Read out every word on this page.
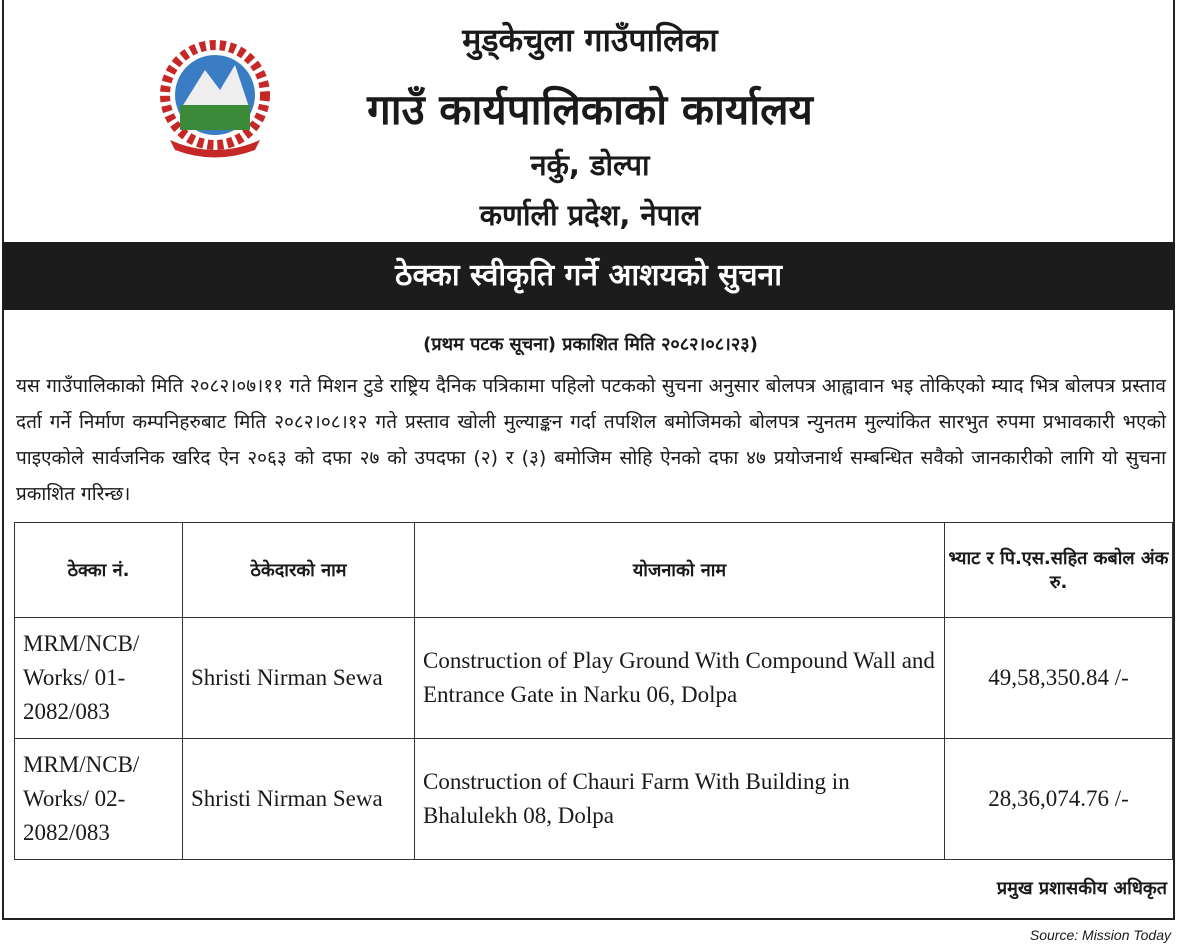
मुड्केचुला गाउँपालिका
गाउँ कार्यपालिकाको कार्यालय
नर्कु, डोल्पा
कर्णाली प्रदेश, नेपाल
ठेक्का स्वीकृति गर्ने आशयको सुचना
(प्रथम पटक सूचना) प्रकाशित मिति २०८२।०८।२३)
यस गाउँपालिकाको मिति २०८२।०७।११ गते मिशन टुडे राष्ट्रिय दैनिक पत्रिकामा पहिलो पटकको सुचना अनुसार बोलपत्र आह्वावान भइ तोकिएको म्याद भित्र बोलपत्र प्रस्ताव दर्ता गर्ने निर्माण कम्पनिहरुबाट मिति २०८२।०८।१२ गते प्रस्ताव खोली मुल्याङ्कन गर्दा तपशिल बमोजिमको बोलपत्र न्युनतम मुल्यांकित सारभुत रुपमा प्रभावकारी भएको पाइएकोले सार्वजनिक खरिद ऐन २०६३ को दफा २७ को उपदफा (२) र (३) बमोजिम सोहि ऐनको दफा ४७ प्रयोजनार्थ सम्बन्धित सवैको जानकारीको लागि यो सुचना प्रकाशित गरिन्छ।
ठेक्का नं.	ठेकेदारको नाम	योजनाको नाम	भ्याट र पि.एस.सहित कबोल अंक रु.
MRM/NCB/ Works/ 01-2082/083	Shristi Nirman Sewa	Construction of Play Ground With Compound Wall and Entrance Gate in Narku 06, Dolpa	49,58,350.84 /-
MRM/NCB/ Works/ 02-2082/083	Shristi Nirman Sewa	Construction of Chauri Farm With Building in Bhalulekh 08, Dolpa	28,36,074.76 /-
प्रमुख प्रशासकीय अधिकृत
Source: Mission Today
